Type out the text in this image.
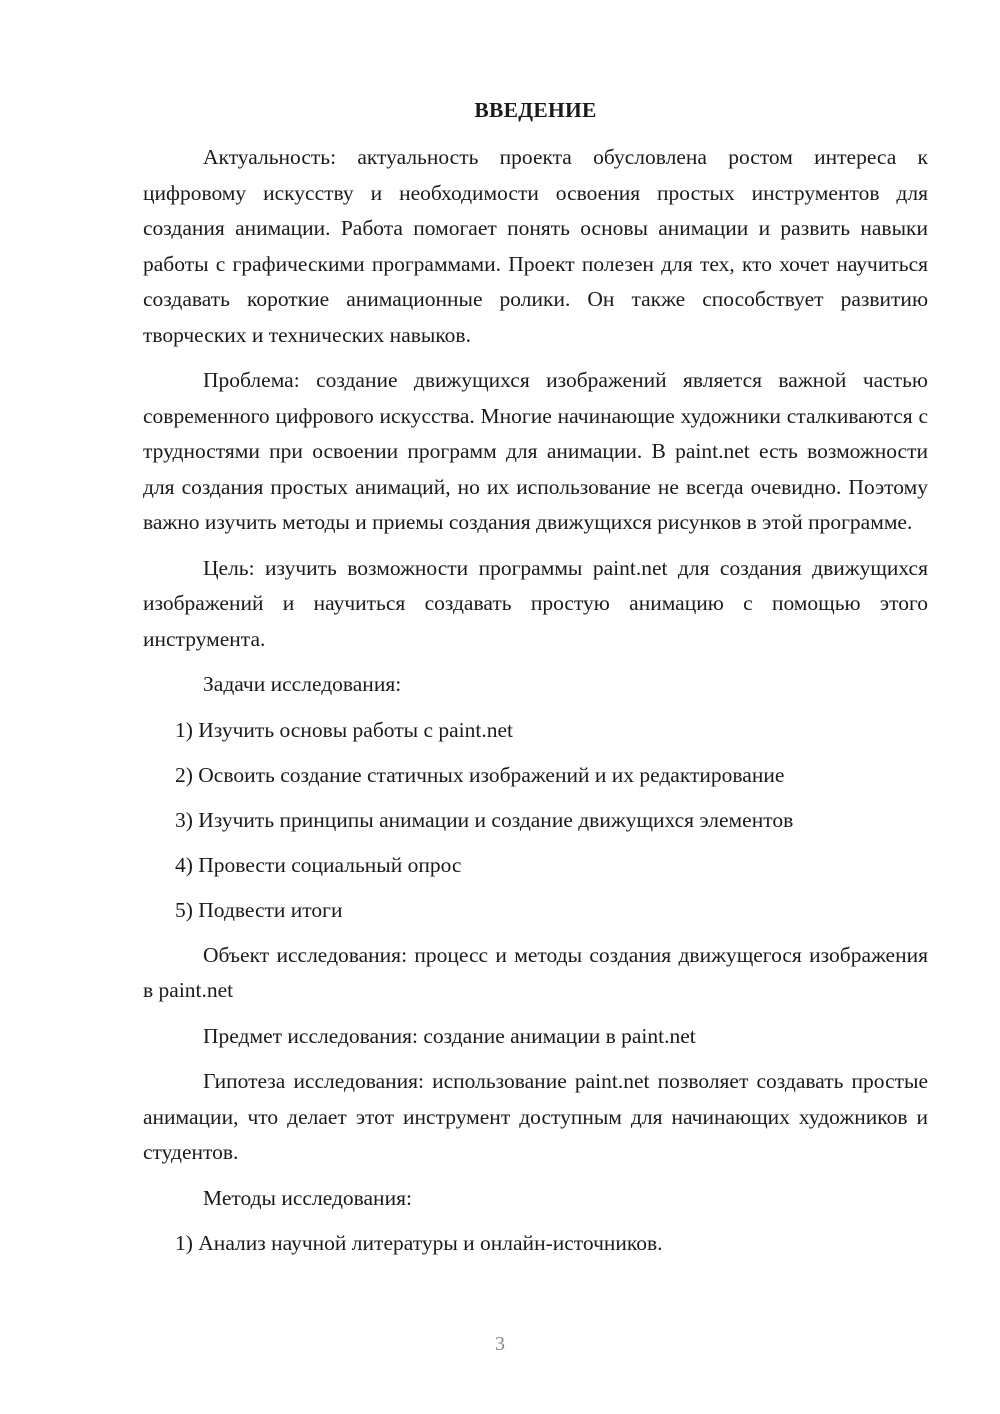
ВВЕДЕНИЕ
Актуальность: актуальность проекта обусловлена ростом интереса к цифровому искусству и необходимости освоения простых инструментов для создания анимации. Работа помогает понять основы анимации и развить навыки работы с графическими программами. Проект полезен для тех, кто хочет научиться создавать короткие анимационные ролики. Он также способствует развитию творческих и технических навыков.
Проблема: создание движущихся изображений является важной частью современного цифрового искусства. Многие начинающие художники сталкиваются с трудностями при освоении программ для анимации. В paint.net есть возможности для создания простых анимаций, но их использование не всегда очевидно. Поэтому важно изучить методы и приемы создания движущихся рисунков в этой программе.
Цель: изучить возможности программы paint.net для создания движущихся изображений и научиться создавать простую анимацию с помощью этого инструмента.
Задачи исследования:
1) Изучить основы работы с paint.net
2) Освоить создание статичных изображений и их редактирование
3) Изучить принципы анимации и создание движущихся элементов
4) Провести социальный опрос
5) Подвести итоги
Объект исследования: процесс и методы создания движущегося изображения в paint.net
Предмет исследования: создание анимации в paint.net
Гипотеза исследования: использование paint.net позволяет создавать простые анимации, что делает этот инструмент доступным для начинающих художников и студентов.
Методы исследования:
1) Анализ научной литературы и онлайн-источников.
3
